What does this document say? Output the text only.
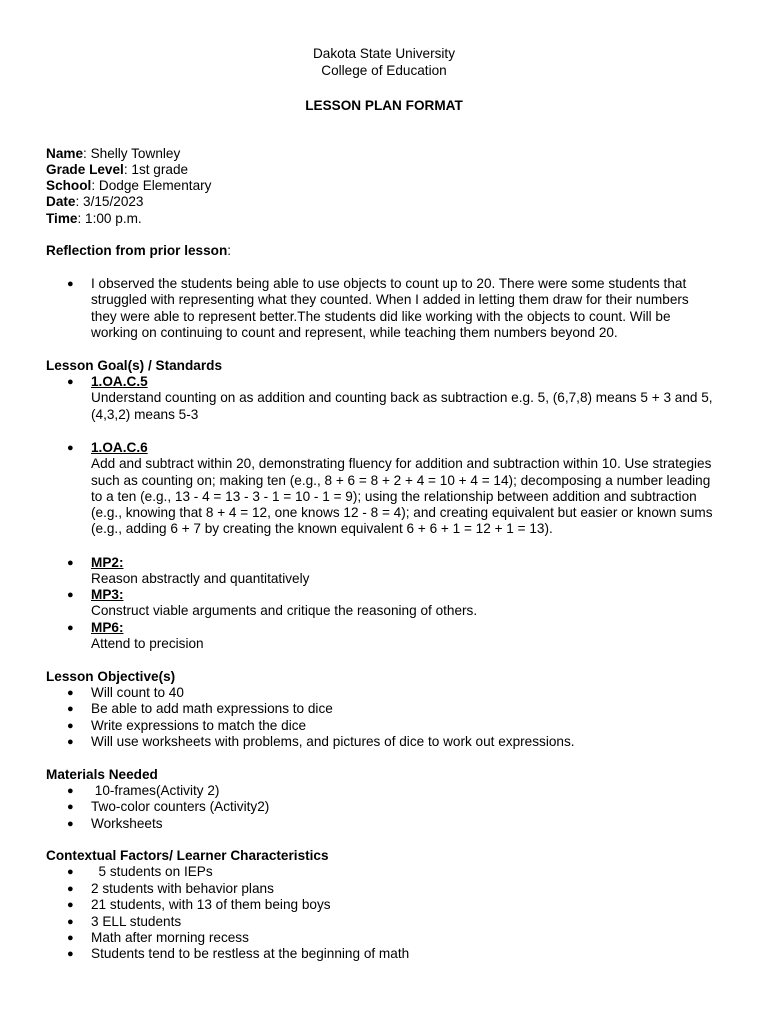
Dakota State University
College of Education
LESSON PLAN FORMAT
Name: Shelly Townley
Grade Level: 1st grade
School: Dodge Elementary
Date: 3/15/2023
Time: 1:00 p.m.
Reflection from prior lesson:
● I observed the students being able to use objects to count up to 20. There were some students that
struggled with representing what they counted. When I added in letting them draw for their numbers
they were able to represent better.The students did like working with the objects to count. Will be
working on continuing to count and represent, while teaching them numbers beyond 20.
Lesson Goal(s) / Standards
● 1.OA.C.5
Understand counting on as addition and counting back as subtraction e.g. 5, (6,7,8) means 5 + 3 and 5,
(4,3,2) means 5-3
● 1.OA.C.6
Add and subtract within 20, demonstrating fluency for addition and subtraction within 10. Use strategies
such as counting on; making ten (e.g., 8 + 6 = 8 + 2 + 4 = 10 + 4 = 14); decomposing a number leading
to a ten (e.g., 13 - 4 = 13 - 3 - 1 = 10 - 1 = 9); using the relationship between addition and subtraction
(e.g., knowing that 8 + 4 = 12, one knows 12 - 8 = 4); and creating equivalent but easier or known sums
(e.g., adding 6 + 7 by creating the known equivalent 6 + 6 + 1 = 12 + 1 = 13).
● MP2:
Reason abstractly and quantitatively
● MP3:
Construct viable arguments and critique the reasoning of others.
● MP6:
Attend to precision
Lesson Objective(s)
● Will count to 40
● Be able to add math expressions to dice
● Write expressions to match the dice
● Will use worksheets with problems, and pictures of dice to work out expressions.
Materials Needed
● 10-frames(Activity 2)
● Two-color counters (Activity2)
● Worksheets
Contextual Factors/ Learner Characteristics
● 5 students on IEPs
● 2 students with behavior plans
● 21 students, with 13 of them being boys
● 3 ELL students
● Math after morning recess
● Students tend to be restless at the beginning of math
